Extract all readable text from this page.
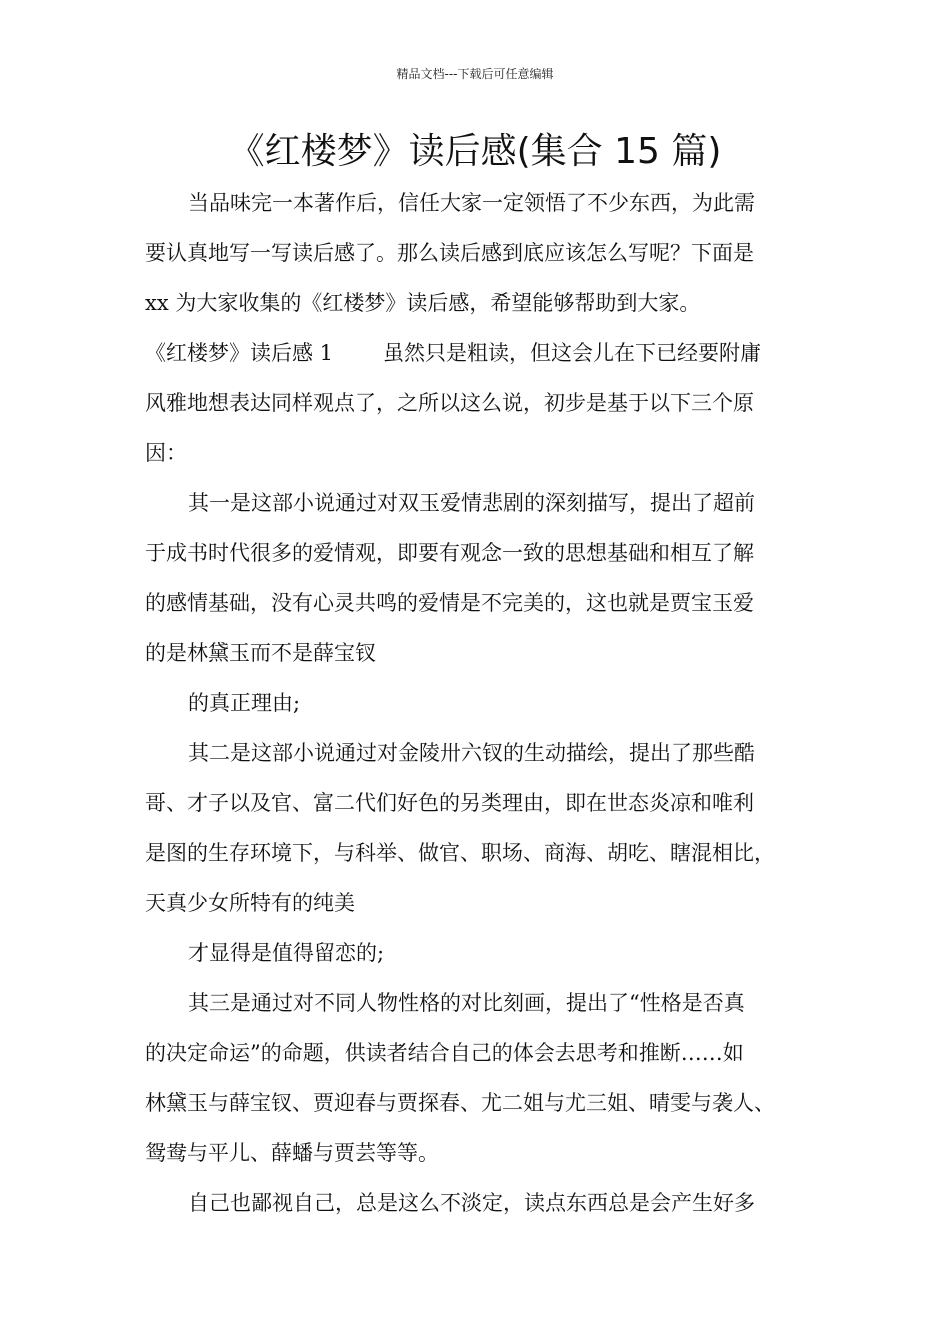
精品文档---下载后可任意编辑
《红楼梦》读后感(集合 15 篇)
当品味完一本著作后，信任大家一定领悟了不少东西，为此需
要认真地写一写读后感了。那么读后感到底应该怎么写呢？下面是
xx 为大家收集的《红楼梦》读后感，希望能够帮助到大家。
《红楼梦》读后感 1 虽然只是粗读，但这会儿在下已经要附庸
风雅地想表达同样观点了，之所以这么说，初步是基于以下三个原
因：
其一是这部小说通过对双玉爱情悲剧的深刻描写，提出了超前
于成书时代很多的爱情观，即要有观念一致的思想基础和相互了解
的感情基础，没有心灵共鸣的爱情是不完美的，这也就是贾宝玉爱
的是林黛玉而不是薛宝钗
的真正理由;
其二是这部小说通过对金陵卅六钗的生动描绘，提出了那些酷
哥、才子以及官、富二代们好色的另类理由，即在世态炎凉和唯利
是图的生存环境下，与科举、做官、职场、商海、胡吃、瞎混相比，
天真少女所特有的纯美
才显得是值得留恋的;
其三是通过对不同人物性格的对比刻画，提出了“性格是否真
的决定命运”的命题，供读者结合自己的体会去思考和推断……如
林黛玉与薛宝钗、贾迎春与贾探春、尤二姐与尤三姐、晴雯与袭人、
鸳鸯与平儿、薛蟠与贾芸等等。
自己也鄙视自己，总是这么不淡定，读点东西总是会产生好多
